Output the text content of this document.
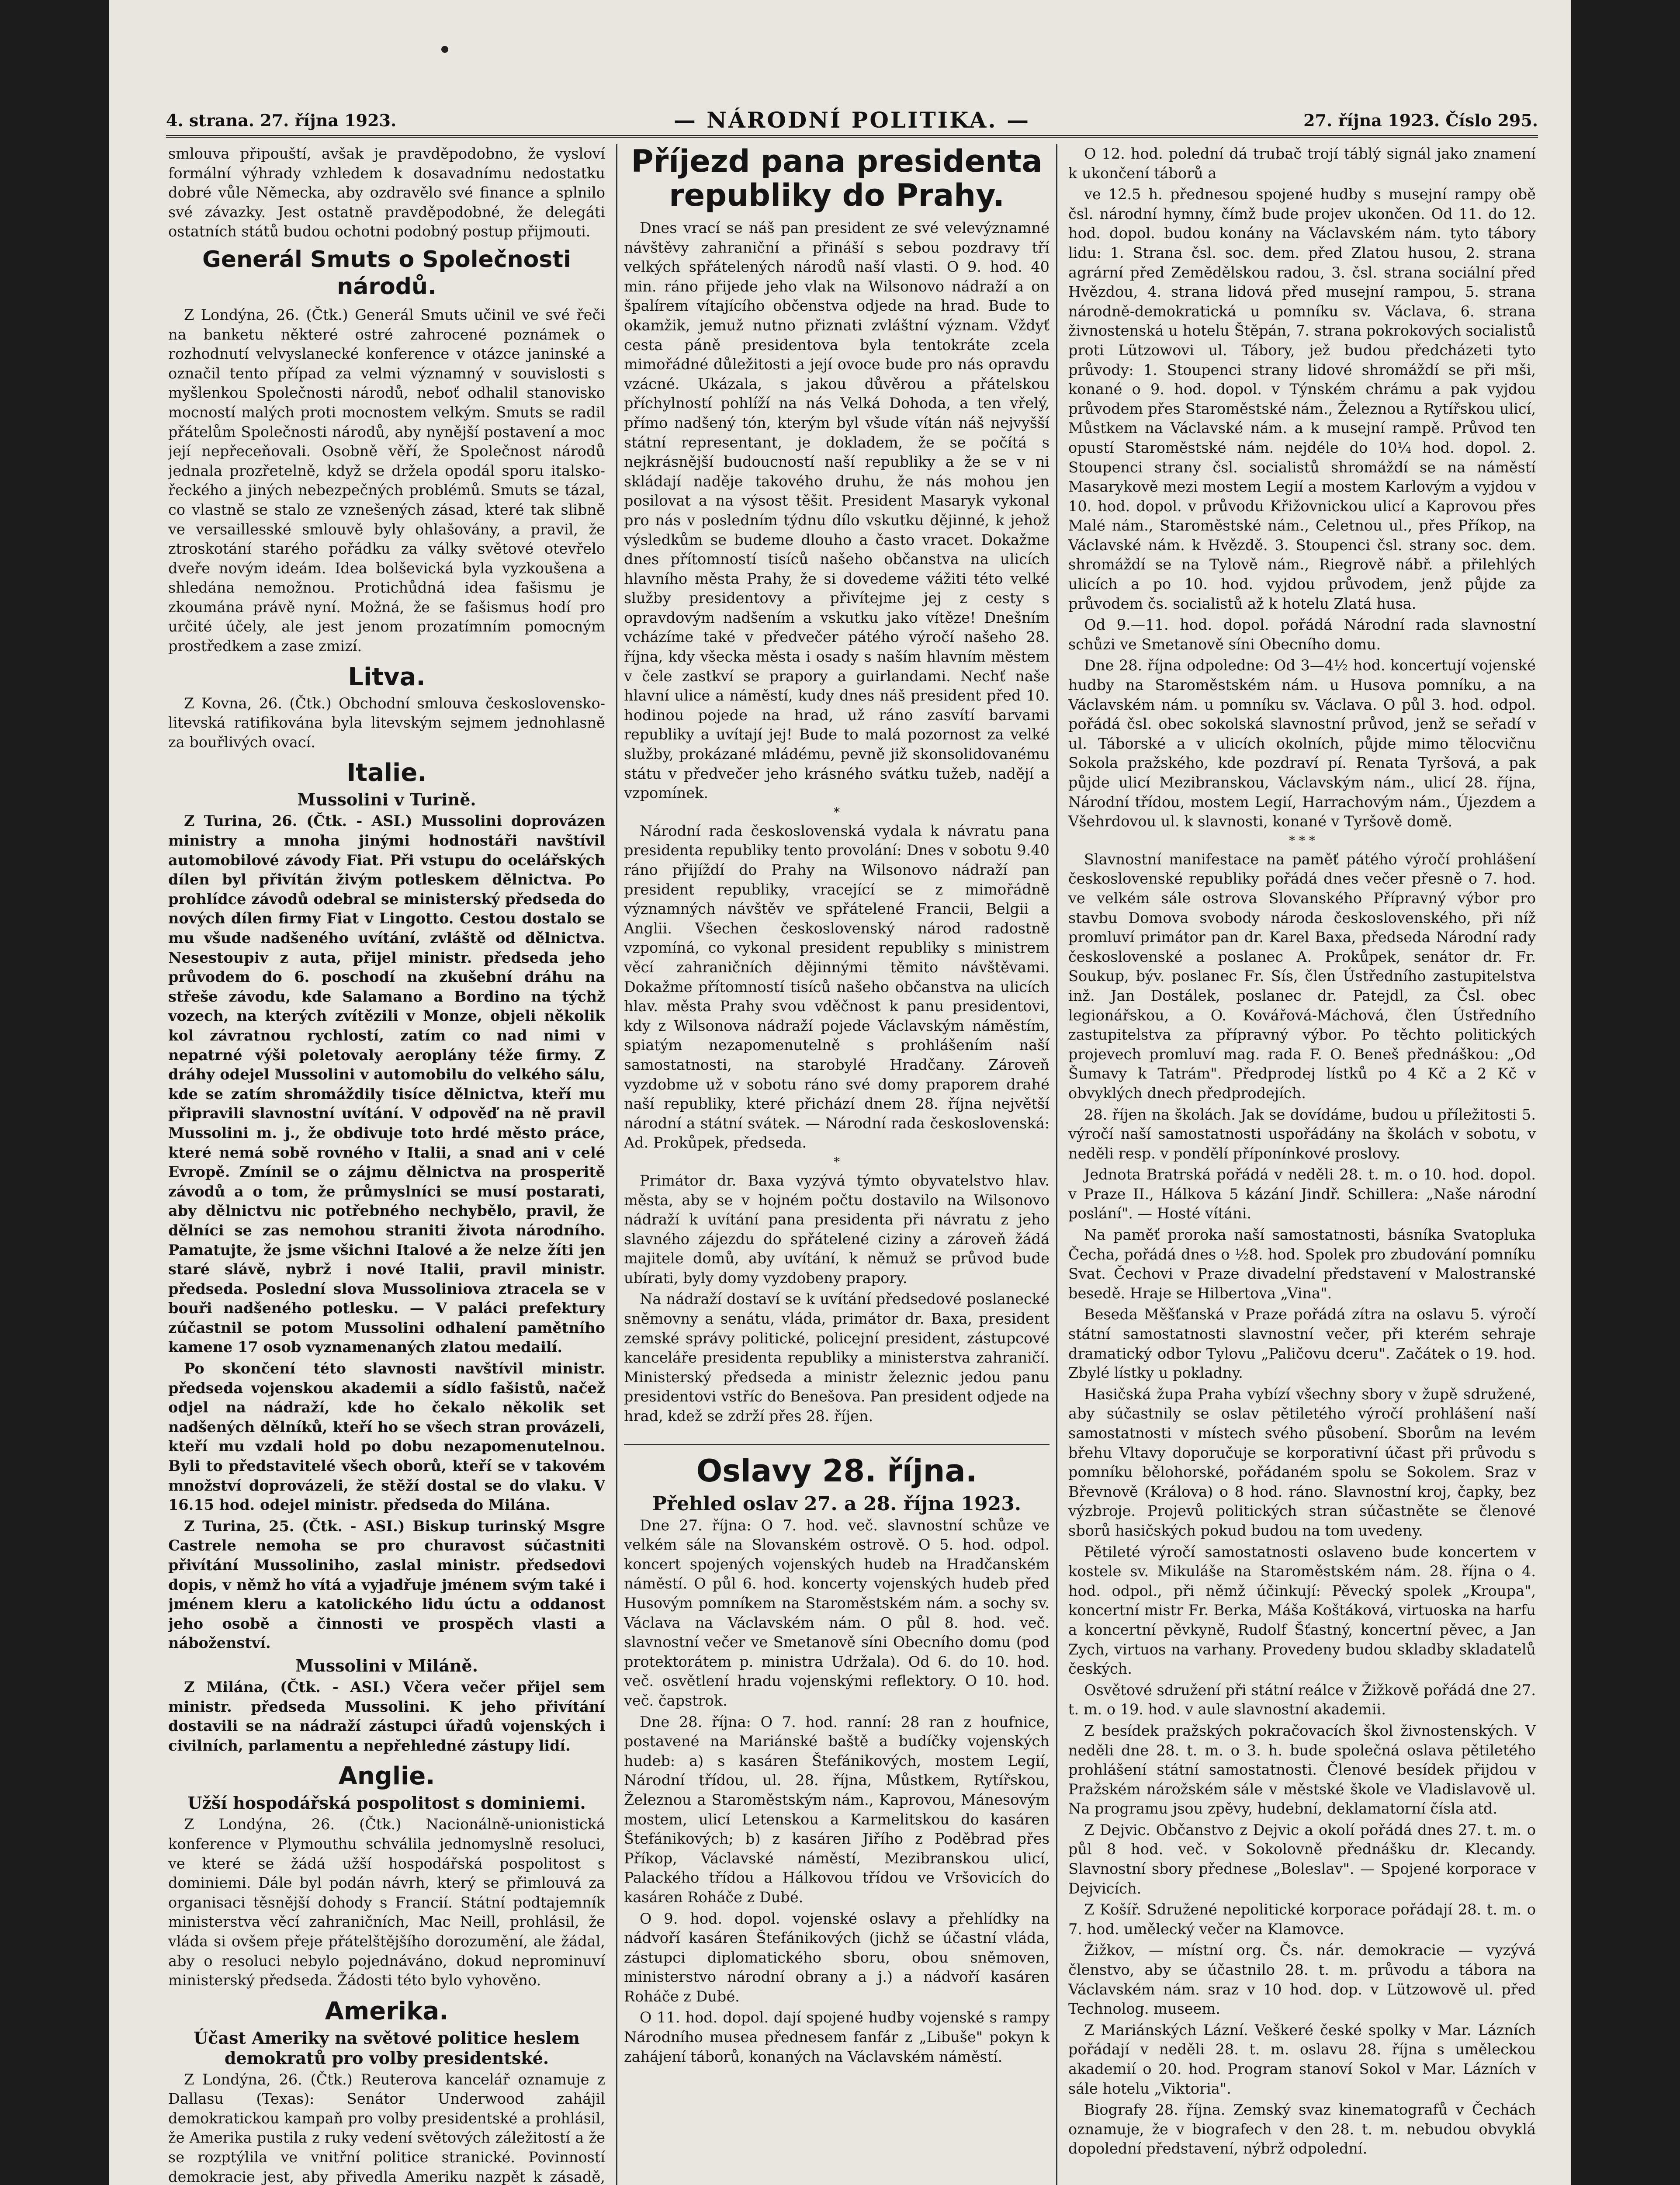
4. strana. 27. října 1923.	— NÁRODNÍ POLITIKA. —	27. října 1923. Číslo 295.

smlouva připouští, avšak je pravděpodobno, že vysloví formální výhrady vzhledem k dosavadnímu nedostatku dobré vůle Německa, aby ozdravělo své finance a splnilo své závazky. Jest ostatně pravděpodobné, že delegáti ostatních států budou ochotni podobný postup přijmouti.

Generál Smuts o Společnosti národů.

Z Londýna, 26. (Čtk.) Generál Smuts učinil ve své řeči na banketu některé ostré zahrocené poznámek o rozhodnutí velvyslanecké konference v otázce janinské a označil tento případ za velmi významný v souvislosti s myšlenkou Společnosti národů, neboť odhalil stanovisko mocností malých proti mocnostem velkým. Smuts se radil přátelům Společnosti národů, aby nynější postavení a moc její nepřeceňovali. Osobně věří, že Společnost národů jednala prozřetelně, když se držela opodál sporu italsko-řeckého a jiných nebezpečných problémů. Smuts se tázal, co vlastně se stalo ze vznešených zásad, které tak slibně ve versaillesské smlouvě byly ohlašovány, a pravil, že ztroskotání starého pořádku za války světové otevřelo dveře novým ideám. Idea bolševická byla vyzkoušena a shledána nemožnou. Protichůdná idea fašismu je zkoumána právě nyní. Možná, že se fašismus hodí pro určité účely, ale jest jenom prozatímním pomocným prostředkem a zase zmizí.

Litva.

Z Kovna, 26. (Čtk.) Obchodní smlouva československo-litevská ratifikována byla litevským sejmem jednohlasně za bouřlivých ovací.

Italie.
Mussolini v Turině.

Z Turina, 26. (Čtk. - ASI.) Mussolini doprovázen ministry a mnoha jinými hodnostáři navštívil automobilové závody Fiat. Při vstupu do ocelářských dílen byl přivítán živým potleskem dělnictva. Po prohlídce závodů odebral se ministerský předseda do nových dílen firmy Fiat v Lingotto. Cestou dostalo se mu všude nadšeného uvítání, zvláště od dělnictva. Nesestoupiv z auta, přijel ministr. předseda jeho průvodem do 6. poschodí na zkušební dráhu na střeše závodu, kde Salamano a Bordino na týchž vozech, na kterých zvítězili v Monze, objeli několik kol závratnou rychlostí, zatím co nad nimi v nepatrné výši poletovaly aeroplány téže firmy. Z dráhy odejel Mussolini v automobilu do velkého sálu, kde se zatím shromáždily tisíce dělnictva, kteří mu připravili slavnostní uvítání. V odpověď na ně pravil Mussolini m. j., že obdivuje toto hrdé město práce, které nemá sobě rovného v Italii, a snad ani v celé Evropě. Zmínil se o zájmu dělnictva na prosperitě závodů a o tom, že průmyslníci se musí postarati, aby dělnictvu nic potřebného nechybělo, pravil, že dělníci se zas nemohou straniti života národního. Pamatujte, že jsme všichni Italové a že nelze žíti jen staré slávě, nybrž i nové Italii, pravil ministr. předseda. Poslední slova Mussoliniova ztracela se v bouři nadšeného potlesku. — V paláci prefektury zúčastnil se potom Mussolini odhalení pamětního kamene 17 osob vyznamenaných zlatou medailí.

Po skončení této slavnosti navštívil ministr. předseda vojenskou akademii a sídlo fašistů, načež odjel na nádraží, kde ho čekalo několik set nadšených dělníků, kteří ho se všech stran provázeli, kteří mu vzdali hold po dobu nezapomenutelnou. Byli to představitelé všech oborů, kteří se v takovém množství doprovázeli, že stěží dostal se do vlaku. V 16.15 hod. odejel ministr. předseda do Milána.

Z Turina, 25. (Čtk. - ASI.) Biskup turinský Msgre Castrele nemoha se pro churavost súčastniti přivítání Mussoliniho, zaslal ministr. předsedovi dopis, v němž ho vítá a vyjadřuje jménem svým také i jménem kleru a katolického lidu úctu a oddanost jeho osobě a činnosti ve prospěch vlasti a náboženství.

Mussolini v Miláně.

Z Milána, (Čtk. - ASI.) Včera večer přijel sem ministr. předseda Mussolini. K jeho přivítání dostavili se na nádraží zástupci úřadů vojenských i civilních, parlamentu a nepřehledné zástupy lidí.

Anglie.
Užší hospodářská pospolitost s dominiemi.

Z Londýna, 26. (Čtk.) Nacionálně-unionistická konference v Plymouthu schválila jednomyslně resoluci, ve které se žádá užší hospodářská pospolitost s dominiemi. Dále byl podán návrh, který se přimlouvá za organisaci těsnější dohody s Francií. Státní podtajemník ministerstva věcí zahraničních, Mac Neill, prohlásil, že vláda si ovšem přeje přátelštějšího dorozumění, ale žádal, aby o resoluci nebylo pojednáváno, dokud neprominuví ministerský předseda. Žádosti této bylo vyhověno.

Amerika.
Účast Ameriky na světové politice heslem demokratů pro volby presidentské.

Z Londýna, 26. (Čtk.) Reuterova kancelář oznamuje z Dallasu (Texas): Senátor Underwood zahájil demokratickou kampaň pro volby presidentské a prohlásil, že Amerika pustila z ruky vedení světových záležitostí a že se rozptýlila ve vnitřní politice stranické. Povinností demokracie jest, aby přivedla Ameriku nazpět k zásadě,

Příjezd pana presidenta republiky do Prahy.

Dnes vrací se náš pan president ze své velevýznamné návštěvy zahraniční a přináší s sebou pozdravy tří velkých spřátelených národů naší vlasti. O 9. hod. 40 min. ráno přijede jeho vlak na Wilsonovo nádraží a on špalírem vítajícího občenstva odjede na hrad. Bude to okamžik, jemuž nutno přiznati zvláštní význam. Vždyť cesta páně presidentova byla tentokráte zcela mimořádné důležitosti a její ovoce bude pro nás opravdu vzácné. Ukázala, s jakou důvěrou a přátelskou příchylností pohlíží na nás Velká Dohoda, a ten vřelý, přímo nadšený tón, kterým byl všude vítán náš nejvyšší státní representant, je dokladem, že se počítá s nejkrásnější budoucností naší republiky a že se v ni skládají naděje takového druhu, že nás mohou jen posilovat a na výsost těšit. President Masaryk vykonal pro nás v posledním týdnu dílo vskutku dějinné, k jehož výsledkům se budeme dlouho a často vracet. Dokažme dnes přítomností tisíců našeho občanstva na ulicích hlavního města Prahy, že si dovedeme vážiti této velké služby presidentovy a přivítejme jej z cesty s opravdovým nadšením a vskutku jako vítěze! Dnešním vcházíme také v předvečer pátého výročí našeho 28. října, kdy všecka města i osady s naším hlavním městem v čele zastkví se prapory a guirlandami. Nechť naše hlavní ulice a náměstí, kudy dnes náš president před 10. hodinou pojede na hrad, už ráno zasvítí barvami republiky a uvítají jej! Bude to malá pozornost za velké služby, prokázané mládému, pevně již skonsolidovanému státu v předvečer jeho krásného svátku tužeb, nadějí a vzpomínek.

*

Národní rada československá vydala k návratu pana presidenta republiky tento provolání: Dnes v sobotu 9.40 ráno přijíždí do Prahy na Wilsonovo nádraží pan president republiky, vracející se z mimořádně významných návštěv ve spřátelené Francii, Belgii a Anglii. Všechen československý národ radostně vzpomíná, co vykonal president republiky s ministrem věcí zahraničních dějinnými těmito návštěvami. Dokažme přítomností tisíců našeho občanstva na ulicích hlav. města Prahy svou vděčnost k panu presidentovi, kdy z Wilsonova nádraží pojede Václavským náměstím, spiatým nezapomenutelně s prohlášením naší samostatnosti, na starobylé Hradčany. Zároveň vyzdobme už v sobotu ráno své domy praporem drahé naší republiky, které přichází dnem 28. října největší národní a státní svátek. — Národní rada československá: Ad. Prokůpek, předseda.

*

Primátor dr. Baxa vyzývá týmto obyvatelstvo hlav. města, aby se v hojném počtu dostavilo na Wilsonovo nádraží k uvítání pana presidenta při návratu z jeho slavného zájezdu do spřátelené ciziny a zároveň žádá majitele domů, aby uvítání, k němuž se průvod bude ubírati, byly domy vyzdobeny prapory.

Na nádraží dostaví se k uvítání předsedové poslanecké sněmovny a senátu, vláda, primátor dr. Baxa, president zemské správy politické, policejní president, zástupcové kanceláře presidenta republiky a ministerstva zahraničí. Ministerský předseda a ministr železnic jedou panu presidentovi vstříc do Benešova. Pan president odjede na hrad, kdež se zdrží přes 28. říjen.

Oslavy 28. října.
Přehled oslav 27. a 28. října 1923.

Dne 27. října: O 7. hod. več. slavnostní schůze ve velkém sále na Slovanském ostrově. O 5. hod. odpol. koncert spojených vojenských hudeb na Hradčanském náměstí. O půl 6. hod. koncerty vojenských hudeb před Husovým pomníkem na Staroměstském nám. a sochy sv. Václava na Václavském nám. O půl 8. hod. več. slavnostní večer ve Smetanově síni Obecního domu (pod protektorátem p. ministra Udržala). Od 6. do 10. hod. več. osvětlení hradu vojenskými reflektory. O 10. hod. več. čapstrok.

Dne 28. října: O 7. hod. ranní: 28 ran z houfnice, postavené na Mariánské baště a budíčky vojenských hudeb: a) s kasáren Štefánikových, mostem Legií, Národní třídou, ul. 28. října, Můstkem, Rytířskou, Železnou a Staroměstským nám., Kaprovou, Mánesovým mostem, ulicí Letenskou a Karmelitskou do kasáren Štefánikových; b) z kasáren Jiřího z Poděbrad přes Příkop, Václavské náměstí, Mezibranskou ulicí, Palackého třídou a Hálkovou třídou ve Vršovicích do kasáren Roháče z Dubé.

O 9. hod. dopol. vojenské oslavy a přehlídky na nádvoří kasáren Štefánikových (jichž se účastní vláda, zástupci diplomatického sboru, obou sněmoven, ministerstvo národní obrany a j.) a nádvoří kasáren Roháče z Dubé.

O 11. hod. dopol. dají spojené hudby vojenské s rampy Národního musea přednesem fanfár z „Libuše" pokyn k zahájení táborů, konaných na Václavském náměstí.

O 12. hod. polední dá trubač trojí táblý signál jako znamení k ukončení táborů a

ve 12.5 h. přednesou spojené hudby s musejní rampy obě čsl. národní hymny, čímž bude projev ukončen. Od 11. do 12. hod. dopol. budou konány na Václavském nám. tyto tábory lidu: 1. Strana čsl. soc. dem. před Zlatou husou, 2. strana agrární před Zemědělskou radou, 3. čsl. strana sociální před Hvězdou, 4. strana lidová před musejní rampou, 5. strana národně-demokratická u pomníku sv. Václava, 6. strana živnostenská u hotelu Štěpán, 7. strana pokrokových socialistů proti Lützowovi ul. Tábory, jež budou předcházeti tyto průvody: 1. Stoupenci strany lidové shromáždí se při mši, konané o 9. hod. dopol. v Týnském chrámu a pak vyjdou průvodem přes Staroměstské nám., Železnou a Rytířskou ulicí, Můstkem na Václavské nám. a k musejní rampě. Průvod ten opustí Staroměstské nám. nejdéle do 10¼ hod. dopol. 2. Stoupenci strany čsl. socialistů shromáždí se na náměstí Masarykově mezi mostem Legií a mostem Karlovým a vyjdou v 10. hod. dopol. v průvodu Křižovnickou ulicí a Kaprovou přes Malé nám., Staroměstské nám., Celetnou ul., přes Příkop, na Václavské nám. k Hvězdě. 3. Stoupenci čsl. strany soc. dem. shromáždí se na Tylově nám., Riegrově nábř. a přilehlých ulicích a po 10. hod. vyjdou průvodem, jenž půjde za průvodem čs. socialistů až k hotelu Zlatá husa.

Od 9.—11. hod. dopol. pořádá Národní rada slavnostní schůzi ve Smetanově síni Obecního domu.

Dne 28. října odpoledne: Od 3—4½ hod. koncertují vojenské hudby na Staroměstském nám. u Husova pomníku, a na Václavském nám. u pomníku sv. Václava. O půl 3. hod. odpol. pořádá čsl. obec sokolská slavnostní průvod, jenž se seřadí v ul. Táborské a v ulicích okolních, půjde mimo tělocvičnu Sokola pražského, kde pozdraví pí. Renata Tyršová, a pak půjde ulicí Mezibranskou, Václavským nám., ulicí 28. října, Národní třídou, mostem Legií, Harrachovým nám., Újezdem a Všehrdovou ul. k slavnosti, konané v Tyršově domě.

* * *

Slavnostní manifestace na paměť pátého výročí prohlášení československé republiky pořádá dnes večer přesně o 7. hod. ve velkém sále ostrova Slovanského Přípravný výbor pro stavbu Domova svobody národa československého, při níž promluví primátor pan dr. Karel Baxa, předseda Národní rady československé a poslanec A. Prokůpek, senátor dr. Fr. Soukup, býv. poslanec Fr. Sís, člen Ústředního zastupitelstva inž. Jan Dostálek, poslanec dr. Patejdl, za Čsl. obec legionářskou, a O. Kovářová-Máchová, člen Ústředního zastupitelstva za přípravný výbor. Po těchto politických projevech promluví mag. rada F. O. Beneš přednáškou: „Od Šumavy k Tatrám". Předprodej lístků po 4 Kč a 2 Kč v obvyklých dnech předprodejích.

28. říjen na školách. Jak se dovídáme, budou u příležitosti 5. výročí naší samostatnosti uspořádány na školách v sobotu, v neděli resp. v pondělí příponínkové proslovy.

Jednota Bratrská pořádá v neděli 28. t. m. o 10. hod. dopol. v Praze II., Hálkova 5 kázání Jindř. Schillera: „Naše národní poslání". — Hosté vítáni.

Na paměť proroka naší samostatnosti, básníka Svatopluka Čecha, pořádá dnes o ½8. hod. Spolek pro zbudování pomníku Svat. Čechovi v Praze divadelní představení v Malostranské besedě. Hraje se Hilbertova „Vina".

Beseda Měšťanská v Praze pořádá zítra na oslavu 5. výročí státní samostatnosti slavnostní večer, při kterém sehraje dramatický odbor Tylovu „Paličovu dceru". Začátek o 19. hod. Zbylé lístky u pokladny.

Hasičská župa Praha vybízí všechny sbory v župě sdružené, aby súčastnily se oslav pětiletého výročí prohlášení naší samostatnosti v místech svého působení. Sborům na levém břehu Vltavy doporučuje se korporativní účast při průvodu s pomníku bělohorské, pořádaném spolu se Sokolem. Sraz v Břevnově (Králova) o 8 hod. ráno. Slavnostní kroj, čapky, bez výzbroje. Projevů politických stran súčastněte se členové sborů hasičských pokud budou na tom uvedeny.

Pětileté výročí samostatnosti oslaveno bude koncertem v kostele sv. Mikuláše na Staroměstském nám. 28. října o 4. hod. odpol., při němž účinkují: Pěvecký spolek „Kroupa", koncertní mistr Fr. Berka, Máša Koštáková, virtuoska na harfu a koncertní pěvkyně, Rudolf Šťastný, koncertní pěvec, a Jan Zych, virtuos na varhany. Provedeny budou skladby skladatelů českých.

Osvětové sdružení při státní reálce v Žižkově pořádá dne 27. t. m. o 19. hod. v aule slavnostní akademii.

Z besídek pražských pokračovacích škol živnostenských. V neděli dne 28. t. m. o 3. h. bude společná oslava pětiletého prohlášení státní samostatnosti. Členové besídek přijdou v Pražském nárožském sále v městské škole ve Vladislavově ul. Na programu jsou zpěvy, hudební, deklamatorní čísla atd.

Z Dejvic. Občanstvo z Dejvic a okolí pořádá dnes 27. t. m. o půl 8 hod. več. v Sokolovně přednášku dr. Klecandy. Slavnostní sbory přednese „Boleslav". — Spojené korporace v Dejvicích.

Z Košíř. Sdružené nepolitické korporace pořádají 28. t. m. o 7. hod. umělecký večer na Klamovce.

Žižkov, — místní org. Čs. nár. demokracie — vyzývá členstvo, aby se účastnilo 28. t. m. průvodu a tábora na Václavském nám. sraz v 10 hod. dop. v Lützowově ul. před Technolog. museem.

Z Mariánských Lázní. Veškeré české spolky v Mar. Lázních pořádají v neděli 28. t. m. oslavu 28. října s uměleckou akademií o 20. hod. Program stanoví Sokol v Mar. Lázních v sále hotelu „Viktoria".

Biografy 28. října. Zemský svaz kinematografů v Čechách oznamuje, že v biografech v den 28. t. m. nebudou obvyklá dopolední představení, nýbrž odpolední.
